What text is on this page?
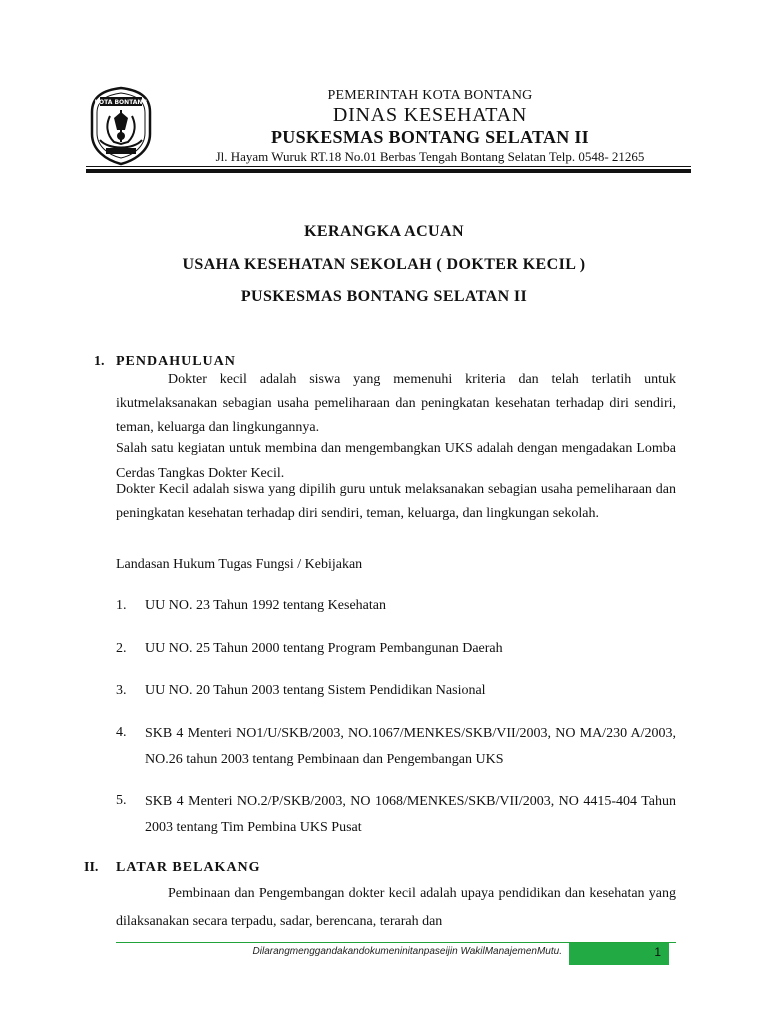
KOTA BONTANG	PEMERINTAH KOTA BONTANG
DINAS KESEHATAN
PUSKESMAS BONTANG SELATAN II
Jl. Hayam Wuruk RT.18 No.01 Berbas Tengah Bontang Selatan Telp. 0548- 21265
KERANGKA ACUAN
USAHA KESEHATAN SEKOLAH ( DOKTER KECIL )
PUSKESMAS BONTANG SELATAN II
1. PENDAHULUAN
Dokter kecil adalah siswa yang memenuhi kriteria dan telah terlatih untuk ikutmelaksanakan sebagian usaha pemeliharaan dan peningkatan kesehatan terhadap diri sendiri, teman, keluarga dan lingkungannya.
Salah satu kegiatan untuk membina dan mengembangkan UKS adalah dengan mengadakan Lomba Cerdas Tangkas Dokter Kecil.
Dokter Kecil adalah siswa yang dipilih guru untuk melaksanakan sebagian usaha pemeliharaan dan peningkatan kesehatan terhadap diri sendiri, teman, keluarga, dan lingkungan sekolah.
Landasan Hukum Tugas Fungsi / Kebijakan
1. UU NO. 23 Tahun 1992 tentang Kesehatan
2. UU NO. 25 Tahun 2000 tentang Program Pembangunan Daerah
3. UU NO. 20 Tahun 2003 tentang Sistem Pendidikan Nasional
4. SKB 4 Menteri NO1/U/SKB/2003, NO.1067/MENKES/SKB/VII/2003, NO MA/230 A/2003, NO.26 tahun 2003 tentang Pembinaan dan Pengembangan UKS
5. SKB 4 Menteri NO.2/P/SKB/2003, NO 1068/MENKES/SKB/VII/2003, NO 4415-404 Tahun 2003 tentang Tim Pembina UKS Pusat
II. LATAR BELAKANG
Pembinaan dan Pengembangan dokter kecil adalah upaya pendidikan dan kesehatan yang dilaksanakan secara terpadu, sadar, berencana, terarah dan
Dilarangmenggandakandokumeninitanpaseijin WakilManajemenMutu.	1
